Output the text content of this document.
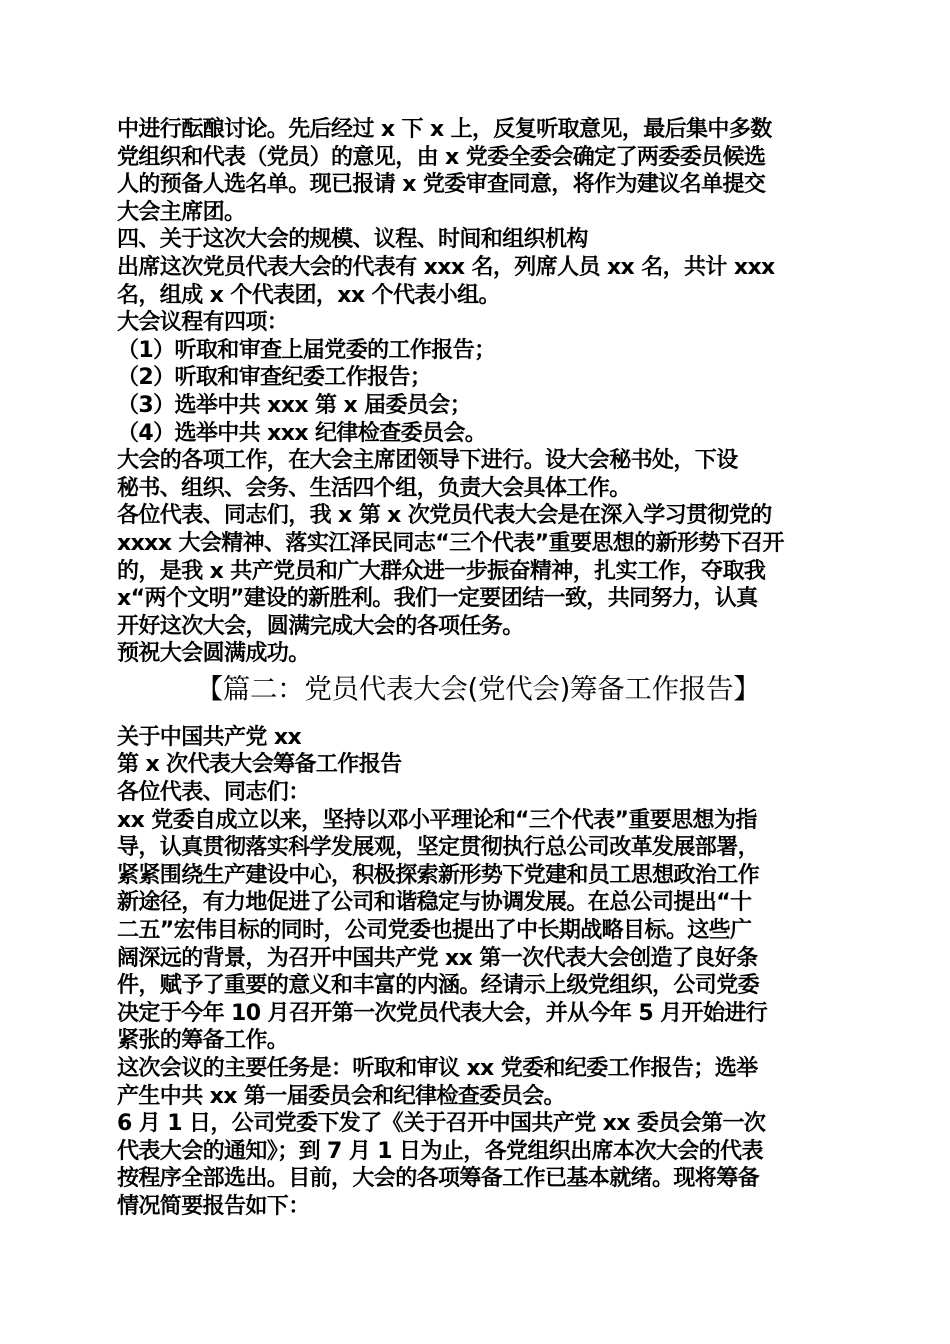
中进行酝酿讨论。先后经过 x 下 x 上，反复听取意见，最后集中多数

党组织和代表（党员）的意见，由 x 党委全委会确定了两委委员候选

人的预备人选名单。现已报请 x 党委审查同意，将作为建议名单提交

大会主席团。

四、关于这次大会的规模、议程、时间和组织机构

出席这次党员代表大会的代表有 xxx 名，列席人员 xx 名，共计 xxx

名，组成 x 个代表团，xx 个代表小组。

大会议程有四项：

（1）听取和审查上届党委的工作报告；

（2）听取和审查纪委工作报告；

（3）选举中共 xxx 第 x 届委员会；

（4）选举中共 xxx 纪律检查委员会。

大会的各项工作，在大会主席团领导下进行。设大会秘书处，下设

秘书、组织、会务、生活四个组，负责大会具体工作。

各位代表、同志们，我 x 第 x 次党员代表大会是在深入学习贯彻党的

xxxx 大会精神、落实江泽民同志“三个代表”重要思想的新形势下召开

的，是我 x 共产党员和广大群众进一步振奋精神，扎实工作，夺取我

x“两个文明”建设的新胜利。我们一定要团结一致，共同努力，认真

开好这次大会，圆满完成大会的各项任务。

预祝大会圆满成功。

【篇二：党员代表大会(党代会)筹备工作报告】

关于中国共产党 xx

第 x 次代表大会筹备工作报告

各位代表、同志们：

xx 党委自成立以来，坚持以邓小平理论和“三个代表”重要思想为指

导，认真贯彻落实科学发展观，坚定贯彻执行总公司改革发展部署，

紧紧围绕生产建设中心，积极探索新形势下党建和员工思想政治工作

新途径，有力地促进了公司和谐稳定与协调发展。在总公司提出“十

二五”宏伟目标的同时，公司党委也提出了中长期战略目标。这些广

阔深远的背景，为召开中国共产党 xx 第一次代表大会创造了良好条

件，赋予了重要的意义和丰富的内涵。经请示上级党组织，公司党委

决定于今年 10 月召开第一次党员代表大会，并从今年 5 月开始进行

紧张的筹备工作。

这次会议的主要任务是：听取和审议 xx 党委和纪委工作报告；选举

产生中共 xx 第一届委员会和纪律检查委员会。

6 月 1 日，公司党委下发了《关于召开中国共产党 xx 委员会第一次

代表大会的通知》；到 7 月 1 日为止，各党组织出席本次大会的代表

按程序全部选出。目前，大会的各项筹备工作已基本就绪。现将筹备

情况简要报告如下：
